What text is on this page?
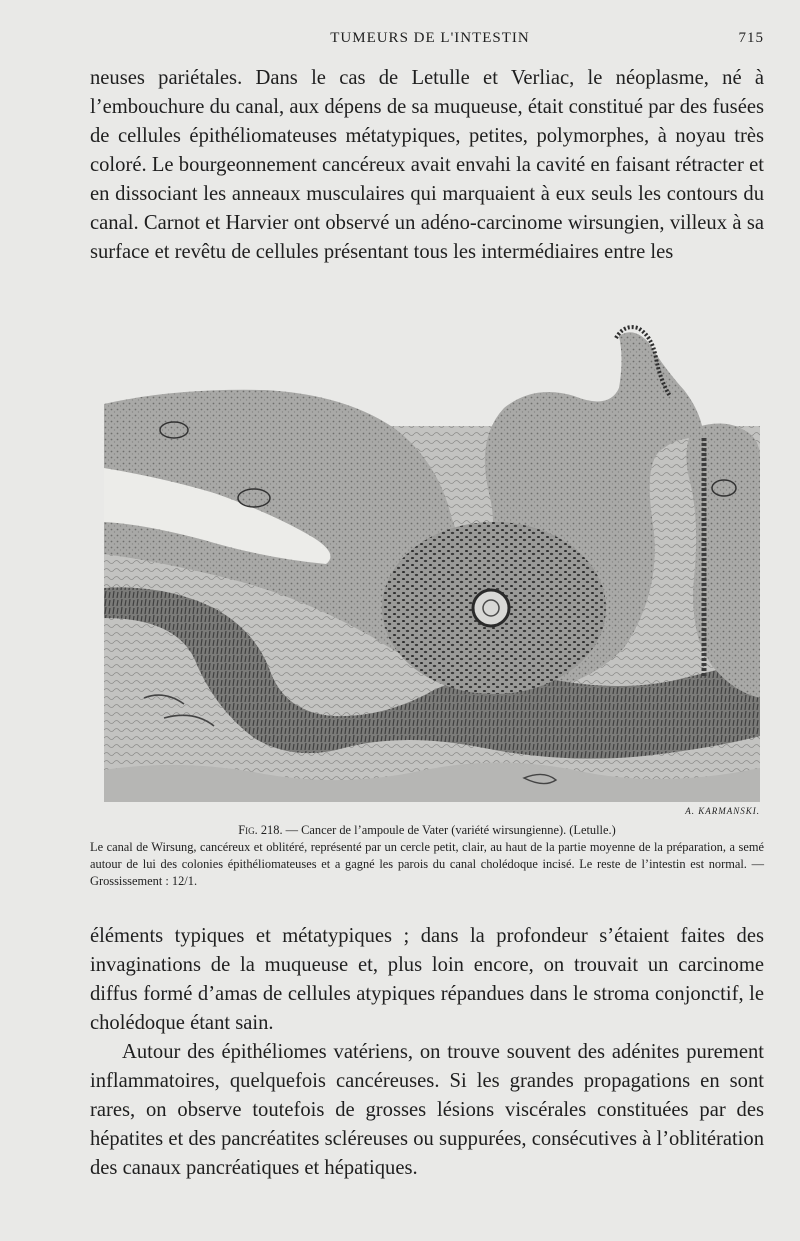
TUMEURS DE L'INTESTIN	715

neuses pariétales. Dans le cas de Letulle et Verliac, le néoplasme, né à l’embouchure du canal, aux dépens de sa muqueuse, était constitué par des fusées de cellules épithéliomateuses métatypiques, petites, polymorphes, à noyau très coloré. Le bourgeonnement cancéreux avait envahi la cavité en faisant rétracter et en dissociant les anneaux musculaires qui marquaient à eux seuls les contours du canal. Carnot et Harvier ont observé un adéno-carcinome wirsungien, villeux à sa surface et revêtu de cellules présentant tous les intermédiaires entre les

A. KARMANSKI.
Fig. 218. — Cancer de l’ampoule de Vater (variété wirsungienne). (Letulle.)
Le canal de Wirsung, cancéreux et oblitéré, représenté par un cercle petit, clair, au haut de la partie moyenne de la préparation, a semé autour de lui des colonies épithéliomateuses et a gagné les parois du canal cholédoque incisé. Le reste de l’intestin est normal. — Grossissement : 12/1.

éléments typiques et métatypiques ; dans la profondeur s’étaient faites des invaginations de la muqueuse et, plus loin encore, on trouvait un carcinome diffus formé d’amas de cellules atypiques répandues dans le stroma conjonctif, le cholédoque étant sain.

Autour des épithéliomes vatériens, on trouve souvent des adénites purement inflammatoires, quelquefois cancéreuses. Si les grandes propagations en sont rares, on observe toutefois de grosses lésions viscérales constituées par des hépatites et des pancréatites scléreuses ou suppurées, consécutives à l’oblitération des canaux pancréatiques et hépatiques.
